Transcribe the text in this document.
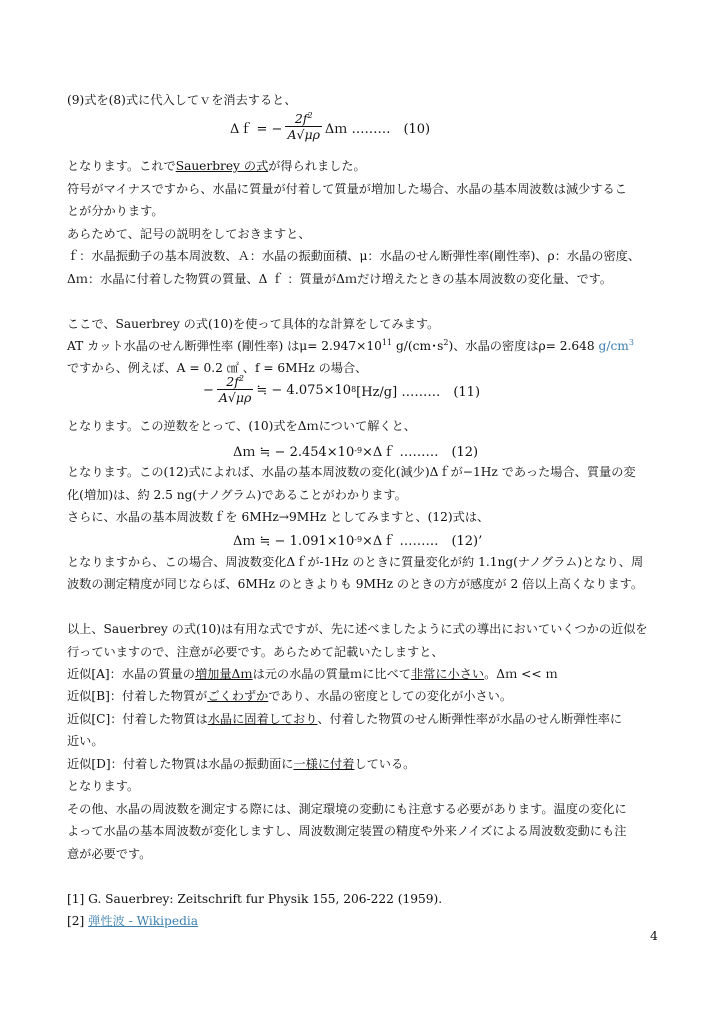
(9)式を(8)式に代入してｖを消去すると、
Δｆ = − $\frac{2f^2}{A√\mu\rho}$ Δｍ ………　(10)
となります。これでSauerbrey の式が得られました。
符号がマイナスですから、水晶に質量が付着して質量が増加した場合、水晶の基本周波数は減少するこ
とが分かります。
あらためて、記号の説明をしておきますと、
ｆ：水晶振動子の基本周波数、Ａ：水晶の振動面積、μ：水晶のせん断弾性率(剛性率)、ρ：水晶の密度、
Δｍ：水晶に付着した物質の質量、Δ ｆ ：質量がΔｍだけ増えたときの基本周波数の変化量、です。
ここで、Sauerbrey の式(10)を使って具体的な計算をしてみます。
AT カット水晶のせん断弾性率 (剛性率) は$\mu= 2.947\times 10^{11}$ g/(cm･$s^2$)、水晶の密度はρ= 2.648 $g/cm^3$
ですから、例えば、A = 0.2 ㎠ 、f = 6MHz の場合、
− $\frac{2f^2}{A√\mu\rho}$ ≒ − 4.075×10 8 [Hz/g] ………　(11)
となります。この逆数をとって、(10)式をΔｍについて解くと、
Δｍ ≒ − 2.454×10 -9 ×Δｆ ………　(12)
となります。この(12)式によれば、水晶の基本周波数の変化(減少)Δｆが−1Hz であった場合、質量の変
化(増加)は、約 2.5 ng(ナノグラム)であることがわかります。
さらに、水晶の基本周波数ｆを 6MHz→9MHz としてみますと、(12)式は、
Δｍ ≒ − 1.091×10 -9 ×Δｆ ………　(12)’
となりますから、この場合、周波数変化Δｆが-1Hz のときに質量変化が約 1.1ng(ナノグラム)となり、周
波数の測定精度が同じならば、6MHz のときよりも 9MHz のときの方が感度が 2 倍以上高くなります。
以上、Sauerbrey の式(10)は有用な式ですが、先に述べましたように式の導出においていくつかの近似を
行っていますので、注意が必要です。あらためて記載いたしますと、
近似[A]：水晶の質量の増加量Δｍは元の水晶の質量ｍに比べて非常に小さい。Δｍ << ｍ
近似[B]：付着した物質がごくわずかであり、水晶の密度としての変化が小さい。
近似[C]：付着した物質は水晶に固着しており、付着した物質のせん断弾性率が水晶のせん断弾性率に
近い。
近似[D]：付着した物質は水晶の振動面に一様に付着している。
となります。
その他、水晶の周波数を測定する際には、測定環境の変動にも注意する必要があります。温度の変化に
よって水晶の基本周波数が変化しますし、周波数測定装置の精度や外来ノイズによる周波数変動にも注
意が必要です。
[1] G. Sauerbrey: Zeitschrift fur Physik 155, 206-222 (1959).
[2] 弾性波 - Wikipedia
4
